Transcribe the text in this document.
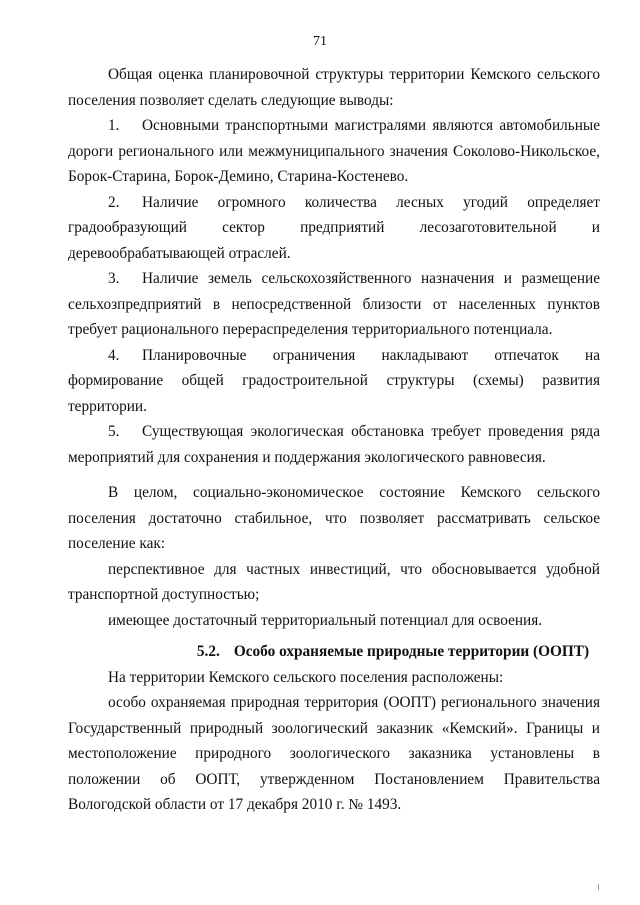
71

Общая оценка планировочной структуры территории Кемского сельского поселения позволяет сделать следующие выводы:

1. Основными транспортными магистралями являются автомобильные дороги регионального или межмуниципального значения Соколово-Никольское, Борок-Старина, Борок-Демино, Старина-Костенево.

2. Наличие огромного количества лесных угодий определяет градообразующий сектор предприятий лесозаготовительной и деревообрабатывающей отраслей.

3. Наличие земель сельскохозяйственного назначения и размещение сельхозпредприятий в непосредственной близости от населенных пунктов требует рационального перераспределения территориального потенциала.

4. Планировочные ограничения накладывают отпечаток на формирование общей градостроительной структуры (схемы) развития территории.

5. Существующая экологическая обстановка требует проведения ряда мероприятий для сохранения и поддержания экологического равновесия.

В целом, социально-экономическое состояние Кемского сельского поселения достаточно стабильное, что позволяет рассматривать сельское поселение как:

перспективное для частных инвестиций, что обосновывается удобной транспортной доступностью;

имеющее достаточный территориальный потенциал для освоения.

5.2. Особо охраняемые природные территории (ООПТ)

На территории Кемского сельского поселения расположены:

особо охраняемая природная территория (ООПТ) регионального значения Государственный природный зоологический заказник «Кемский». Границы и местоположение природного зоологического заказника установлены в положении об ООПТ, утвержденном Постановлением Правительства Вологодской области от 17 декабря 2010 г. № 1493.
